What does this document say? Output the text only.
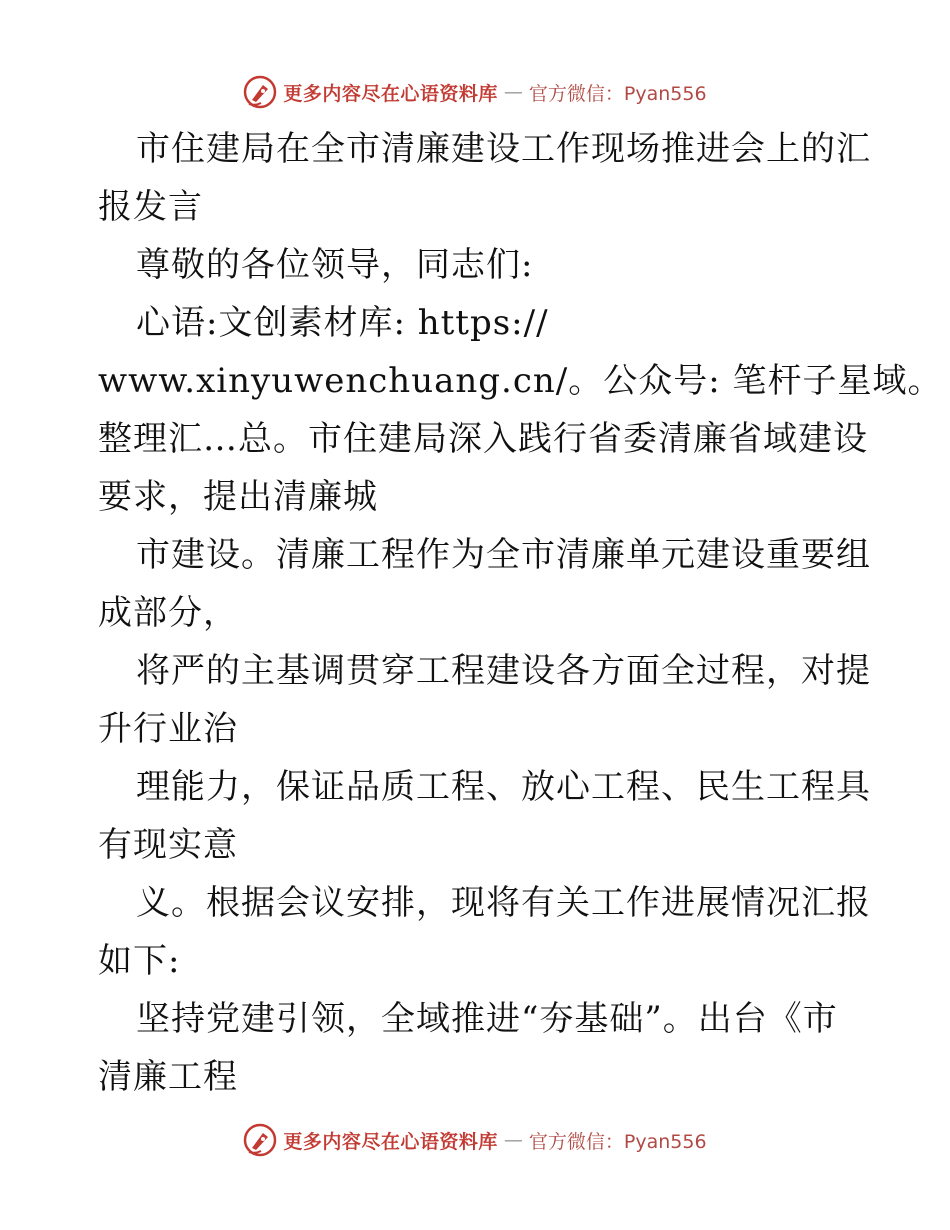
更多内容尽在心语资料库 — 官方微信：Pyan556
市住建局在全市清廉建设工作现场推进会上的汇
报发言
尊敬的各位领导，同志们:
心语:文创素材库: https://
www.xinyuwenchuang.cn/。公众号: 笔杆子星域。
整理汇…总。市住建局深入践行省委清廉省域建设
要求，提出清廉城
市建设。清廉工程作为全市清廉单元建设重要组
成部分，
将严的主基调贯穿工程建设各方面全过程，对提
升行业治
理能力，保证品质工程、放心工程、民生工程具
有现实意
义。根据会议安排，现将有关工作进展情况汇报
如下:
坚持党建引领，全域推进“夯基础”。出台《市
清廉工程
更多内容尽在心语资料库 — 官方微信：Pyan556
